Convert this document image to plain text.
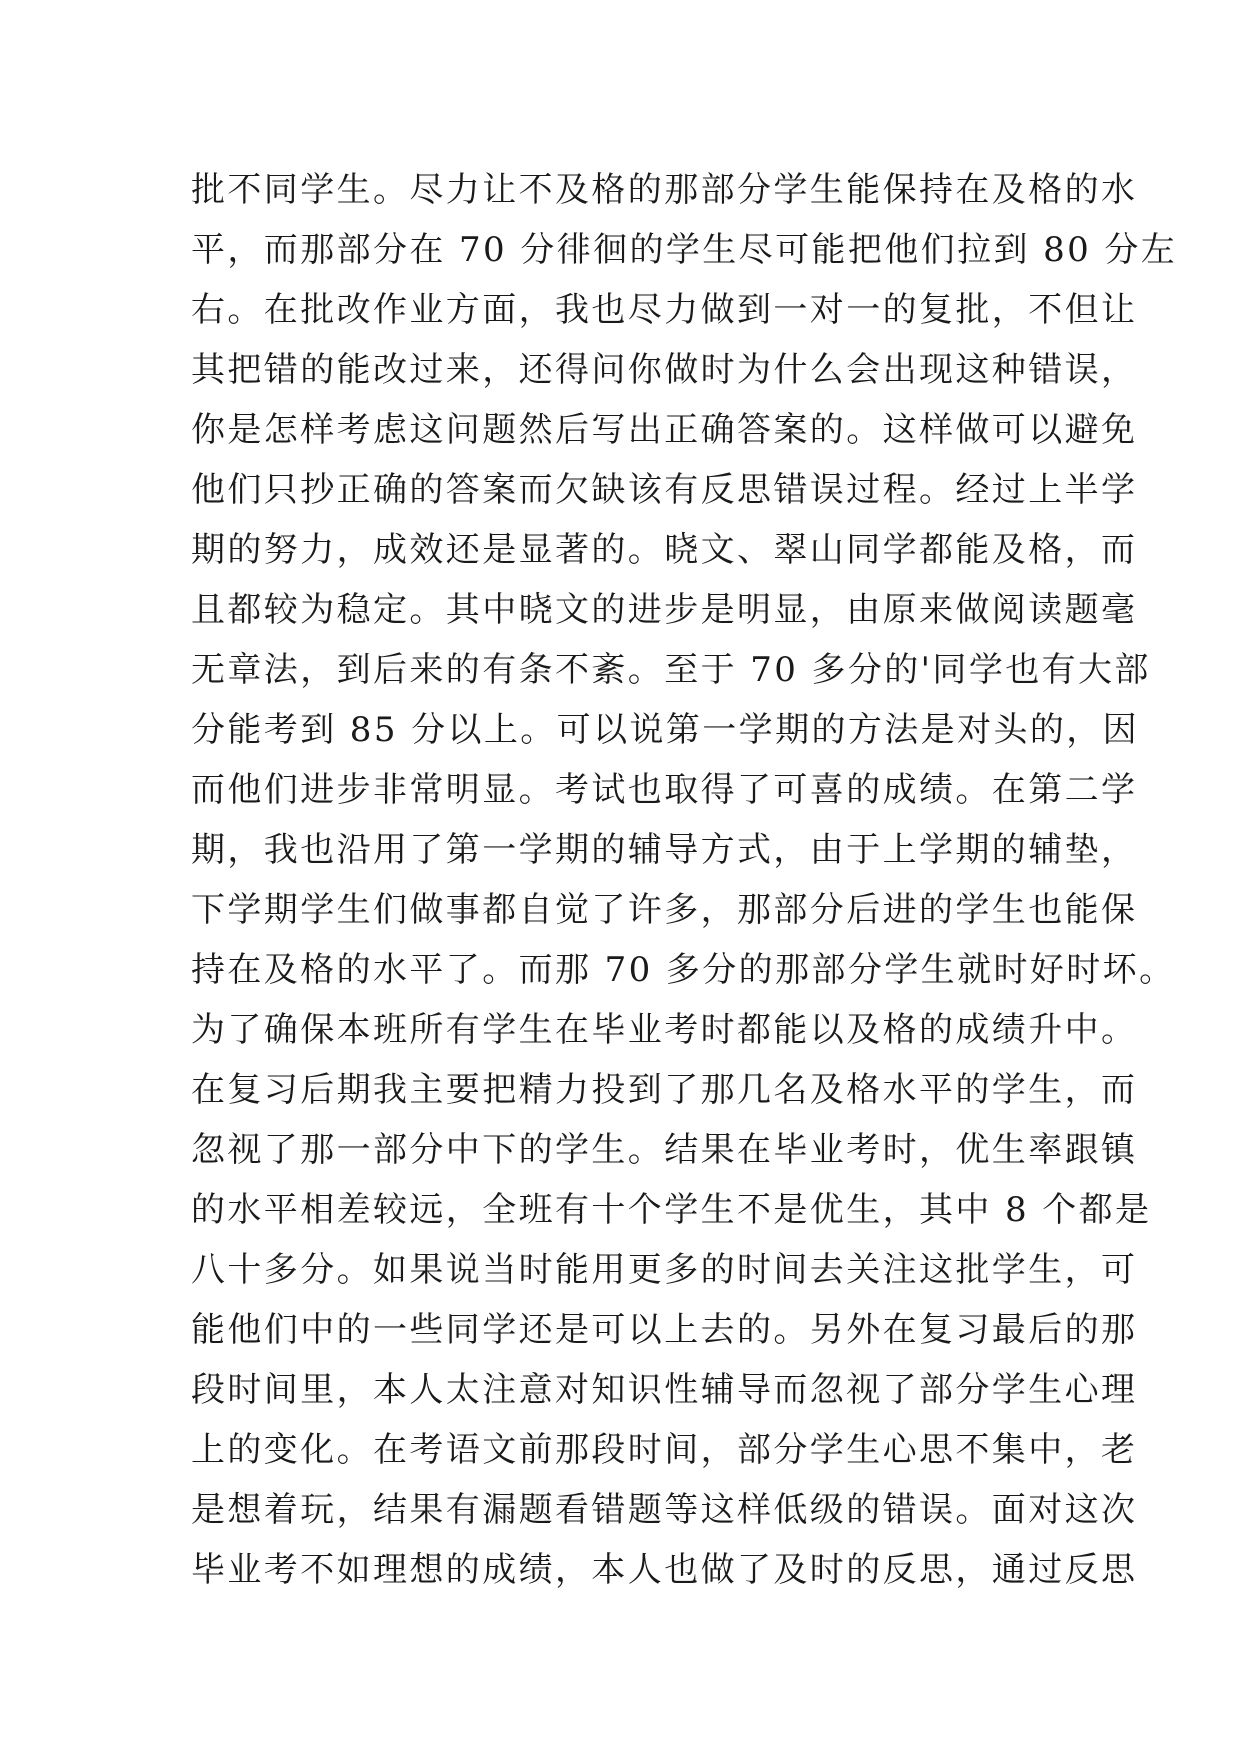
批不同学生。尽力让不及格的那部分学生能保持在及格的水
平，而那部分在 70 分徘徊的学生尽可能把他们拉到 80 分左
右。在批改作业方面，我也尽力做到一对一的复批，不但让
其把错的能改过来，还得问你做时为什么会出现这种错误，
你是怎样考虑这问题然后写出正确答案的。这样做可以避免
他们只抄正确的答案而欠缺该有反思错误过程。经过上半学
期的努力，成效还是显著的。晓文、翠山同学都能及格，而
且都较为稳定。其中晓文的进步是明显，由原来做阅读题毫
无章法，到后来的有条不紊。至于 70 多分的'同学也有大部
分能考到 85 分以上。可以说第一学期的方法是对头的，因
而他们进步非常明显。考试也取得了可喜的成绩。在第二学
期，我也沿用了第一学期的辅导方式，由于上学期的辅垫，
下学期学生们做事都自觉了许多，那部分后进的学生也能保
持在及格的水平了。而那 70 多分的那部分学生就时好时坏。
为了确保本班所有学生在毕业考时都能以及格的成绩升中。
在复习后期我主要把精力投到了那几名及格水平的学生，而
忽视了那一部分中下的学生。结果在毕业考时，优生率跟镇
的水平相差较远，全班有十个学生不是优生，其中 8 个都是
八十多分。如果说当时能用更多的时间去关注这批学生，可
能他们中的一些同学还是可以上去的。另外在复习最后的那
段时间里，本人太注意对知识性辅导而忽视了部分学生心理
上的变化。在考语文前那段时间，部分学生心思不集中，老
是想着玩，结果有漏题看错题等这样低级的错误。面对这次
毕业考不如理想的成绩，本人也做了及时的反思，通过反思
